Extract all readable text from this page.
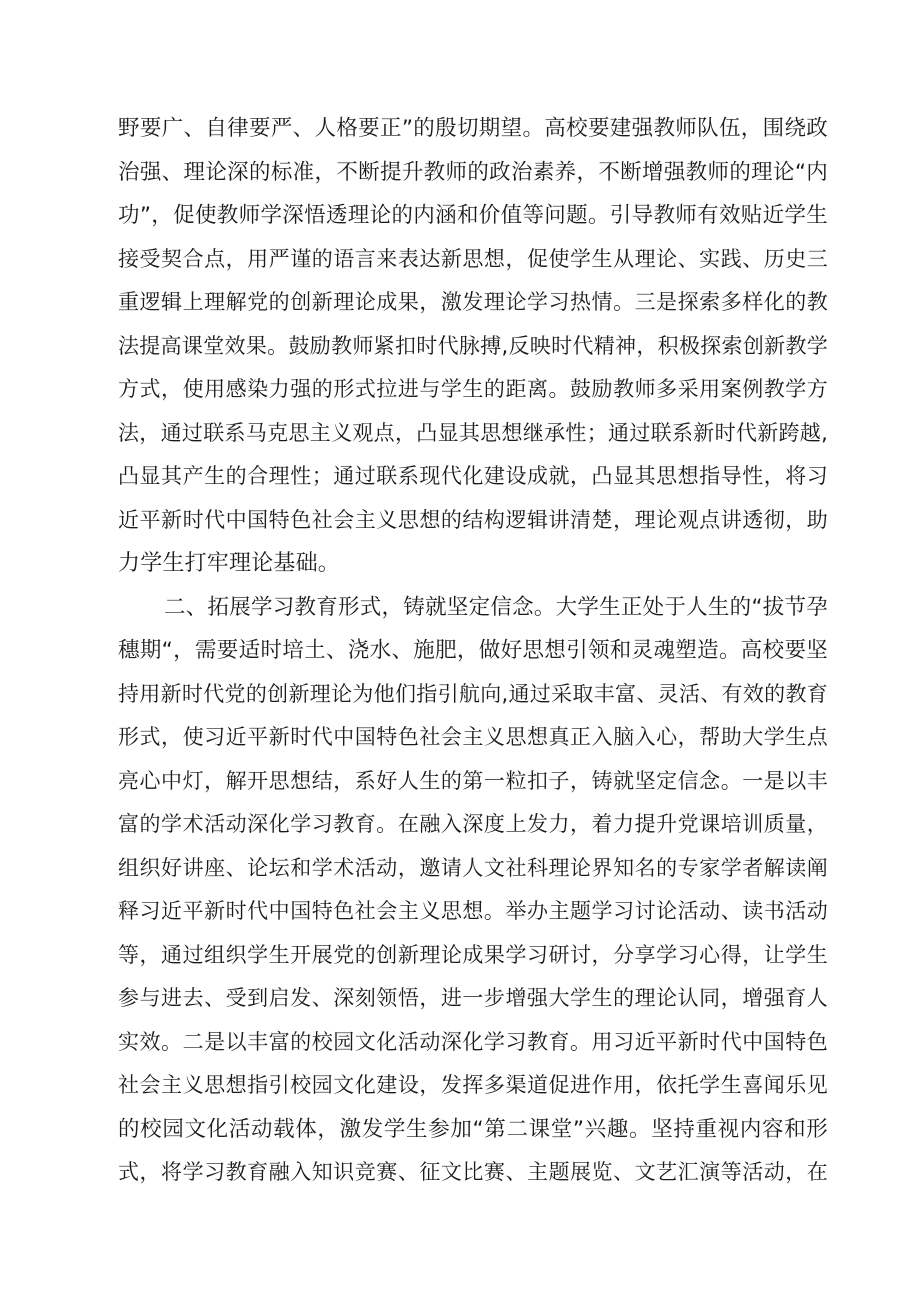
野要广、自律要严、人格要正”的殷切期望。高校要建强教师队伍，围绕政
治强、理论深的标准，不断提升教师的政治素养，不断增强教师的理论“内
功”，促使教师学深悟透理论的内涵和价值等问题。引导教师有效贴近学生
接受契合点，用严谨的语言来表达新思想，促使学生从理论、实践、历史三
重逻辑上理解党的创新理论成果，激发理论学习热情。三是探索多样化的教
法提高课堂效果。鼓励教师紧扣时代脉搏,反映时代精神，积极探索创新教学
方式，使用感染力强的形式拉进与学生的距离。鼓励教师多采用案例教学方
法，通过联系马克思主义观点，凸显其思想继承性；通过联系新时代新跨越,
凸显其产生的合理性；通过联系现代化建设成就，凸显其思想指导性，将习
近平新时代中国特色社会主义思想的结构逻辑讲清楚，理论观点讲透彻，助
力学生打牢理论基础。
二、拓展学习教育形式，铸就坚定信念。大学生正处于人生的“拔节孕
穗期“，需要适时培土、浇水、施肥，做好思想引领和灵魂塑造。高校要坚
持用新时代党的创新理论为他们指引航向,通过采取丰富、灵活、有效的教育
形式，使习近平新时代中国特色社会主义思想真正入脑入心，帮助大学生点
亮心中灯，解开思想结，系好人生的第一粒扣子，铸就坚定信念。一是以丰
富的学术活动深化学习教育。在融入深度上发力，着力提升党课培训质量，
组织好讲座、论坛和学术活动，邀请人文社科理论界知名的专家学者解读阐
释习近平新时代中国特色社会主义思想。举办主题学习讨论活动、读书活动
等，通过组织学生开展党的创新理论成果学习研讨，分享学习心得，让学生
参与进去、受到启发、深刻领悟，进一步增强大学生的理论认同，增强育人
实效。二是以丰富的校园文化活动深化学习教育。用习近平新时代中国特色
社会主义思想指引校园文化建设，发挥多渠道促进作用，依托学生喜闻乐见
的校园文化活动载体，激发学生参加“第二课堂”兴趣。坚持重视内容和形
式，将学习教育融入知识竞赛、征文比赛、主题展览、文艺汇演等活动，在
